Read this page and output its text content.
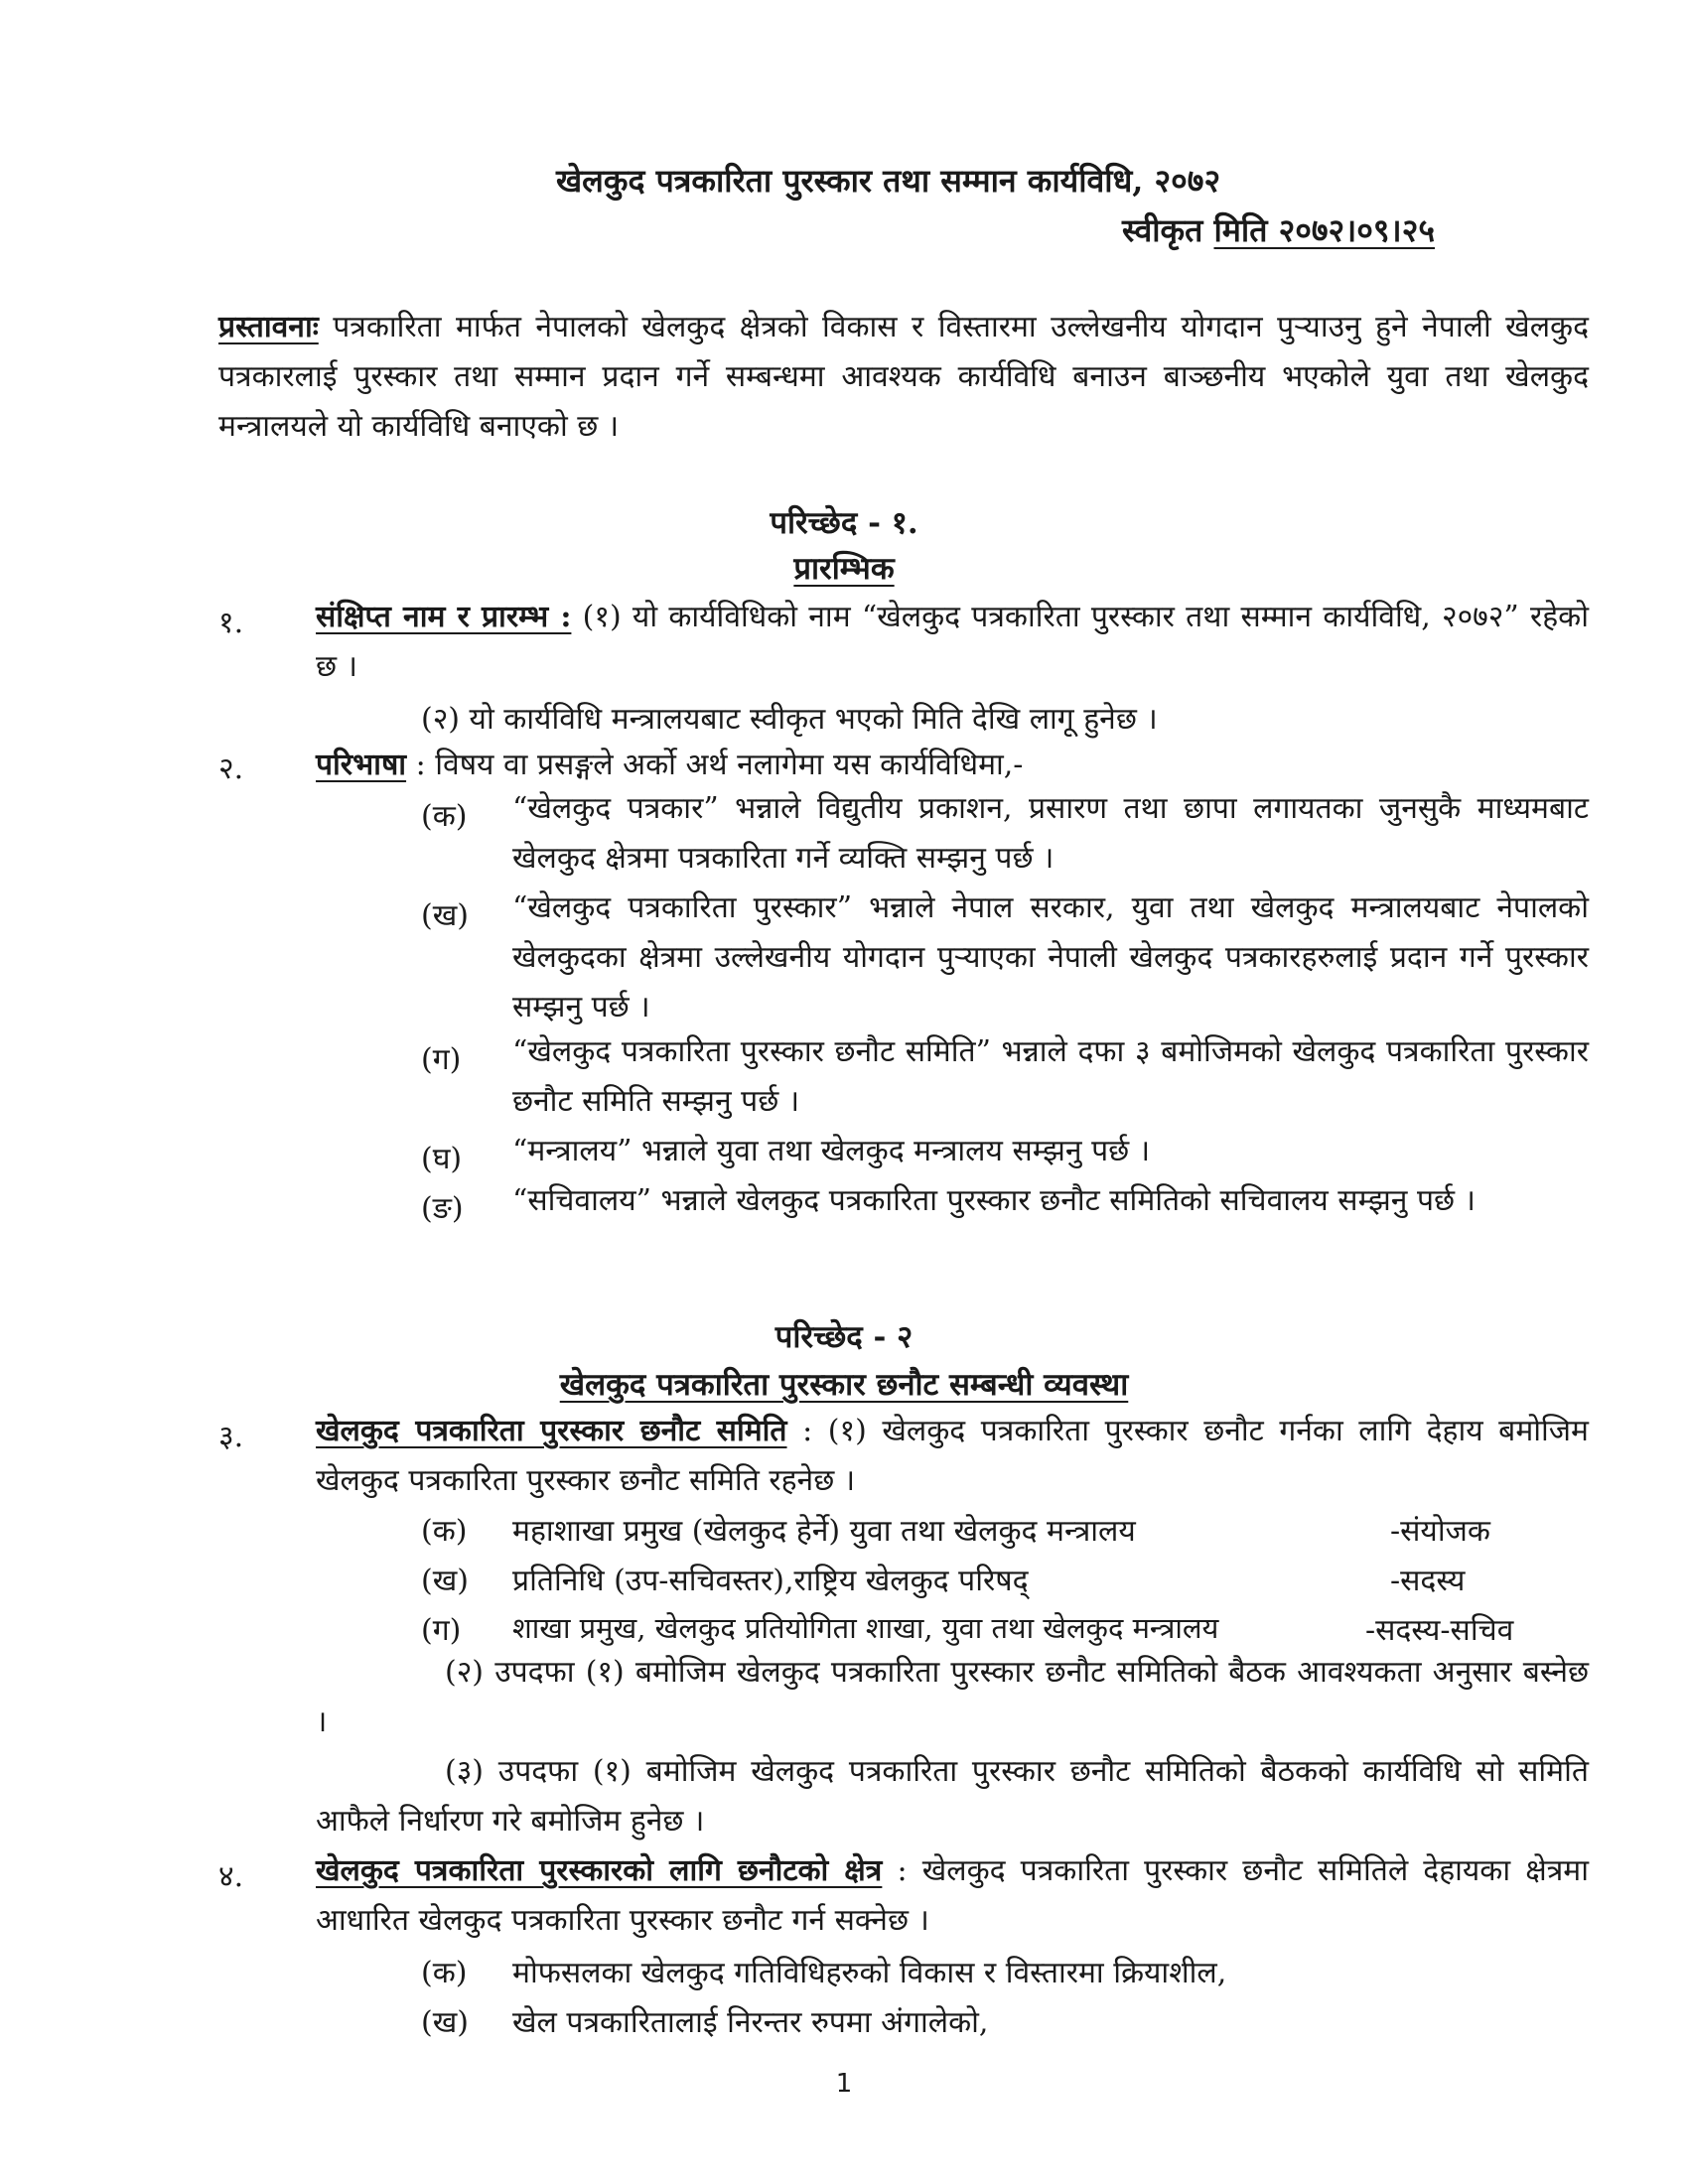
खेलकुद पत्रकारिता पुरस्कार तथा सम्मान कार्यविधि, २०७२
स्वीकृत मिति २०७२।०९।२५
प्रस्तावनाः पत्रकारिता मार्फत नेपालको खेलकुद क्षेत्रको विकास र विस्तारमा उल्लेखनीय योगदान पुऱ्याउनु हुने नेपाली खेलकुद पत्रकारलाई पुरस्कार तथा सम्मान प्रदान गर्ने सम्बन्धमा आवश्यक कार्यविधि बनाउन बाञ्छनीय भएकोले युवा तथा खेलकुद मन्त्रालयले यो कार्यविधि बनाएको छ ।
परिच्छेद - १.
प्रारम्भिक
१. संक्षिप्त नाम र प्रारम्भ : (१) यो कार्यविधिको नाम “खेलकुद पत्रकारिता पुरस्कार तथा सम्मान कार्यविधि, २०७२” रहेको छ ।
(२) यो कार्यविधि मन्त्रालयबाट स्वीकृत भएको मिति देखि लागू हुनेछ ।
२. परिभाषा : विषय वा प्रसङ्गले अर्को अर्थ नलागेमा यस कार्यविधिमा,-
(क) “खेलकुद पत्रकार” भन्नाले विद्युतीय प्रकाशन, प्रसारण तथा छापा लगायतका जुनसुकै माध्यमबाट खेलकुद क्षेत्रमा पत्रकारिता गर्ने व्यक्ति सम्झनु पर्छ ।
(ख) “खेलकुद पत्रकारिता पुरस्कार” भन्नाले नेपाल सरकार, युवा तथा खेलकुद मन्त्रालयबाट नेपालको खेलकुदका क्षेत्रमा उल्लेखनीय योगदान पुऱ्याएका नेपाली खेलकुद पत्रकारहरुलाई प्रदान गर्ने पुरस्कार सम्झनु पर्छ ।
(ग) “खेलकुद पत्रकारिता पुरस्कार छनौट समिति” भन्नाले दफा ३ बमोजिमको खेलकुद पत्रकारिता पुरस्कार छनौट समिति सम्झनु पर्छ ।
(घ) “मन्त्रालय” भन्नाले युवा तथा खेलकुद मन्त्रालय सम्झनु पर्छ ।
(ङ) “सचिवालय” भन्नाले खेलकुद पत्रकारिता पुरस्कार छनौट समितिको सचिवालय सम्झनु पर्छ ।
परिच्छेद - २
खेलकुद पत्रकारिता पुरस्कार छनौट सम्बन्धी व्यवस्था
३. खेलकुद पत्रकारिता पुरस्कार छनौट समिति : (१) खेलकुद पत्रकारिता पुरस्कार छनौट गर्नका लागि देहाय बमोजिम खेलकुद पत्रकारिता पुरस्कार छनौट समिति रहनेछ ।
(क) महाशाखा प्रमुख (खेलकुद हेर्ने) युवा तथा खेलकुद मन्त्रालय	-संयोजक
(ख) प्रतिनिधि (उप-सचिवस्तर),राष्ट्रिय खेलकुद परिषद्	-सदस्य
(ग) शाखा प्रमुख, खेलकुद प्रतियोगिता शाखा, युवा तथा खेलकुद मन्त्रालय	-सदस्य-सचिव
(२) उपदफा (१) बमोजिम खेलकुद पत्रकारिता पुरस्कार छनौट समितिको बैठक आवश्यकता अनुसार बस्नेछ ।
(३) उपदफा (१) बमोजिम खेलकुद पत्रकारिता पुरस्कार छनौट समितिको बैठकको कार्यविधि सो समिति आफैले निर्धारण गरे बमोजिम हुनेछ ।
४. खेलकुद पत्रकारिता पुरस्कारको लागि छनौटको क्षेत्र : खेलकुद पत्रकारिता पुरस्कार छनौट समितिले देहायका क्षेत्रमा आधारित खेलकुद पत्रकारिता पुरस्कार छनौट गर्न सक्नेछ ।
(क) मोफसलका खेलकुद गतिविधिहरुको विकास र विस्तारमा क्रियाशील,
(ख) खेल पत्रकारितालाई निरन्तर रुपमा अंगालेको,
1
